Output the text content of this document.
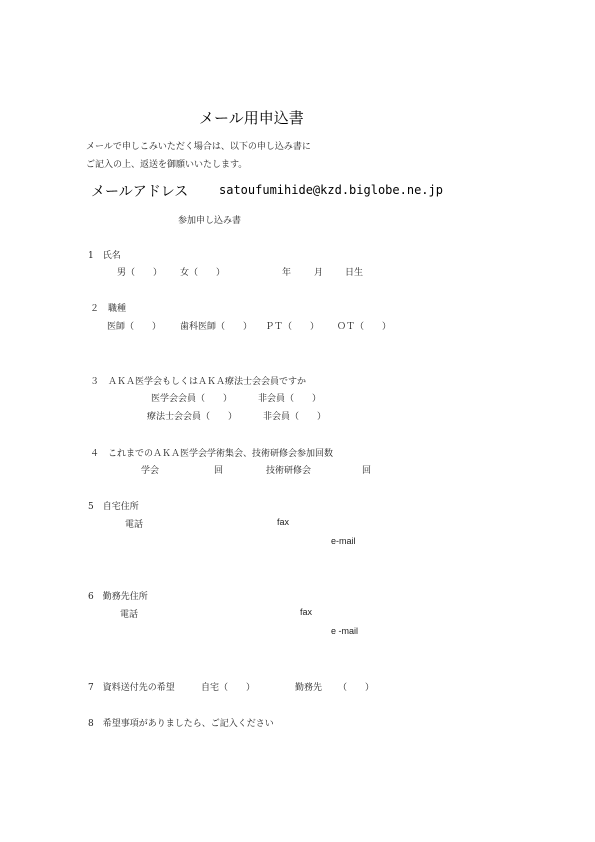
メール用申込書
メールで申しこみいただく場合は、以下の申し込み書に
ご記入の上、返送を御願いいたします。
メールアドレス	satoufumihide@kzd.biglobe.ne.jp
参加申し込み書
1　氏名
男（　　） 女（　　）	年	月 日生
２　職種
医師（　　） 歯科医師（　　） ＰＴ（　　） ＯＴ（　　）
３　ＡＫＡ医学会もしくはＡＫＡ療法士会会員ですか
医学会会員（　　）	非会員（　　）
療法士会会員（　　）	非会員（　　）
４　これまでのＡＫＡ医学会学術集会、技術研修会参加回数
学会	回	技術研修会	回
5　自宅住所
電話	fax
e-mail
6　勤務先住所
電話	fax
e -mail
7　資料送付先の希望	自宅（　　）	勤務先 （　　）
8　希望事項がありましたら、ご記入ください
